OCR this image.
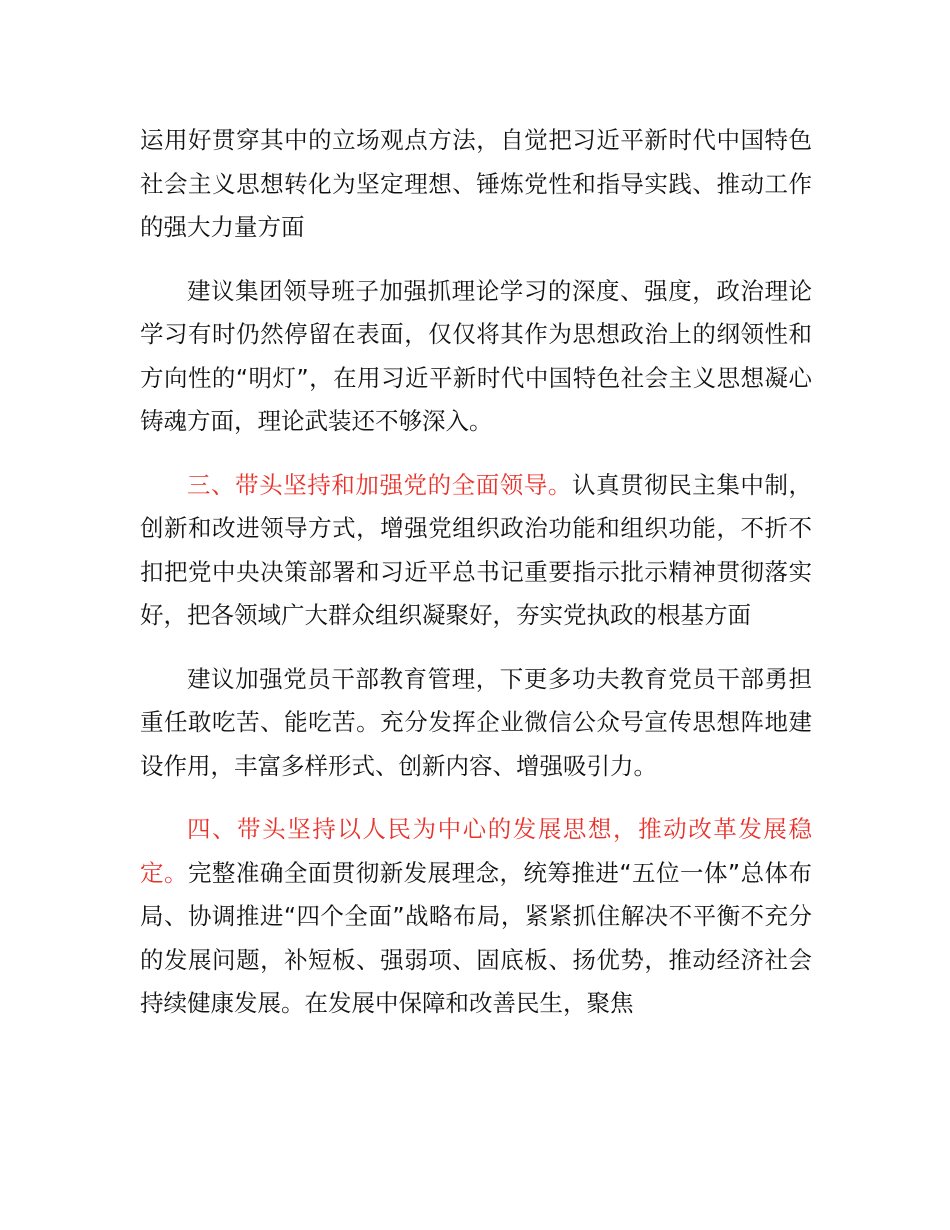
运用好贯穿其中的立场观点方法，自觉把习近平新时代中国特色社会主义思想转化为坚定理想、锤炼党性和指导实践、推动工作的强大力量方面

建议集团领导班子加强抓理论学习的深度、强度，政治理论学习有时仍然停留在表面，仅仅将其作为思想政治上的纲领性和方向性的“明灯”，在用习近平新时代中国特色社会主义思想凝心铸魂方面，理论武装还不够深入。

三、带头坚持和加强党的全面领导。认真贯彻民主集中制，创新和改进领导方式，增强党组织政治功能和组织功能，不折不扣把党中央决策部署和习近平总书记重要指示批示精神贯彻落实好，把各领域广大群众组织凝聚好，夯实党执政的根基方面

建议加强党员干部教育管理，下更多功夫教育党员干部勇担重任敢吃苦、能吃苦。充分发挥企业微信公众号宣传思想阵地建设作用，丰富多样形式、创新内容、增强吸引力。

四、带头坚持以人民为中心的发展思想，推动改革发展稳定。完整准确全面贯彻新发展理念，统筹推进“五位一体”总体布局、协调推进“四个全面”战略布局，紧紧抓住解决不平衡不充分的发展问题，补短板、强弱项、固底板、扬优势，推动经济社会持续健康发展。在发展中保障和改善民生，聚焦
